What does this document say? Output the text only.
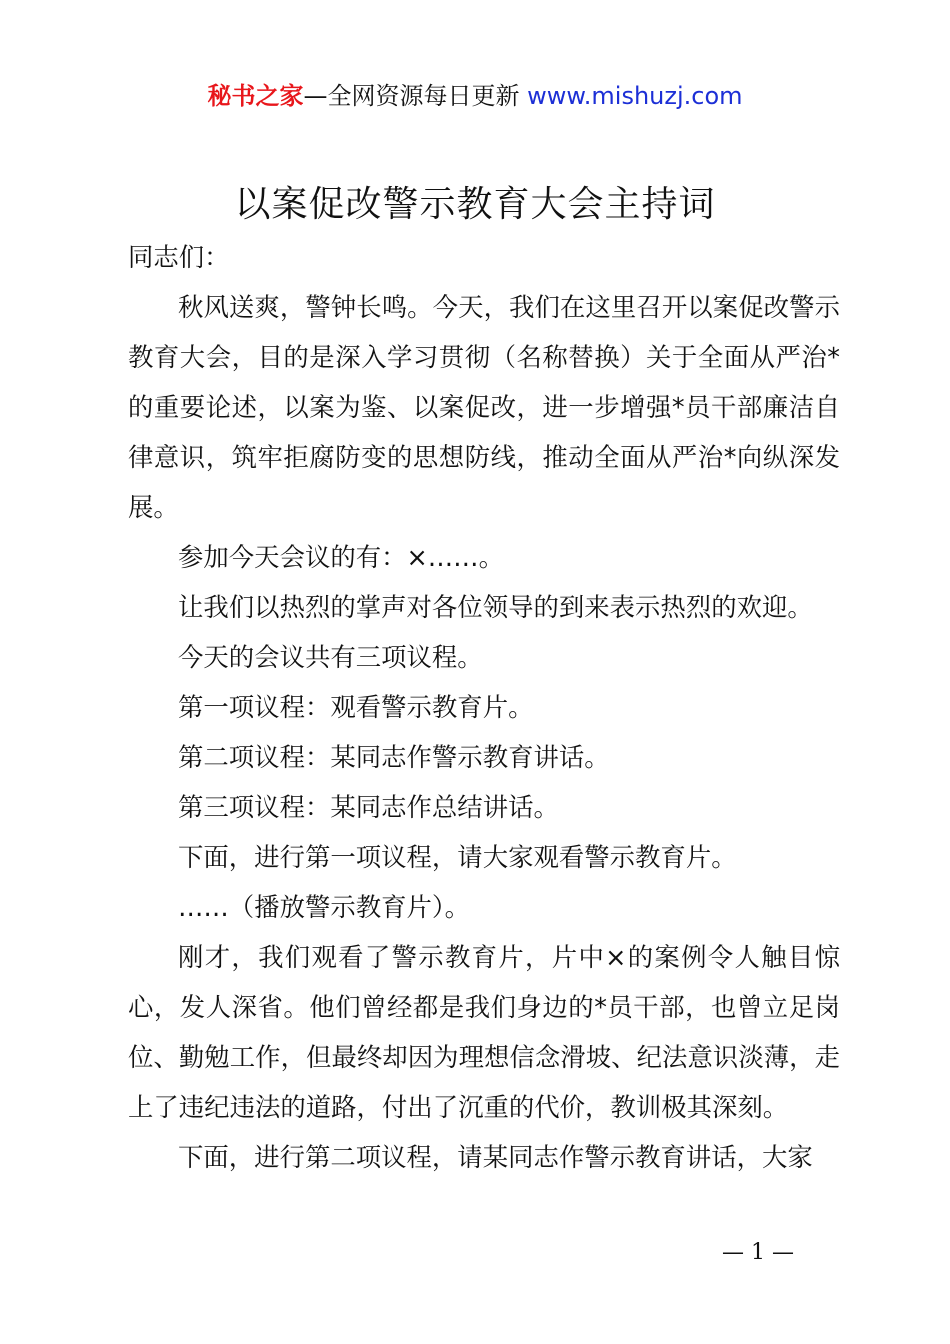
秘书之家—全网资源每日更新 www.mishuzj.com
以案促改警示教育大会主持词

同志们：

秋风送爽，警钟长鸣。今天，我们在这里召开以案促改警示教育大会，目的是深入学习贯彻（名称替换）关于全面从严治*的重要论述，以案为鉴、以案促改，进一步增强*员干部廉洁自律意识，筑牢拒腐防变的思想防线，推动全面从严治*向纵深发展。

参加今天会议的有：×……。

让我们以热烈的掌声对各位领导的到来表示热烈的欢迎。

今天的会议共有三项议程。

第一项议程：观看警示教育片。

第二项议程：某同志作警示教育讲话。

第三项议程：某同志作总结讲话。

下面，进行第一项议程，请大家观看警示教育片。

……（播放警示教育片）。

刚才，我们观看了警示教育片，片中×的案例令人触目惊心，发人深省。他们曾经都是我们身边的*员干部，也曾立足岗位、勤勉工作，但最终却因为理想信念滑坡、纪法意识淡薄，走上了违纪违法的道路，付出了沉重的代价，教训极其深刻。

下面，进行第二项议程，请某同志作警示教育讲话，大家

— 1 —
